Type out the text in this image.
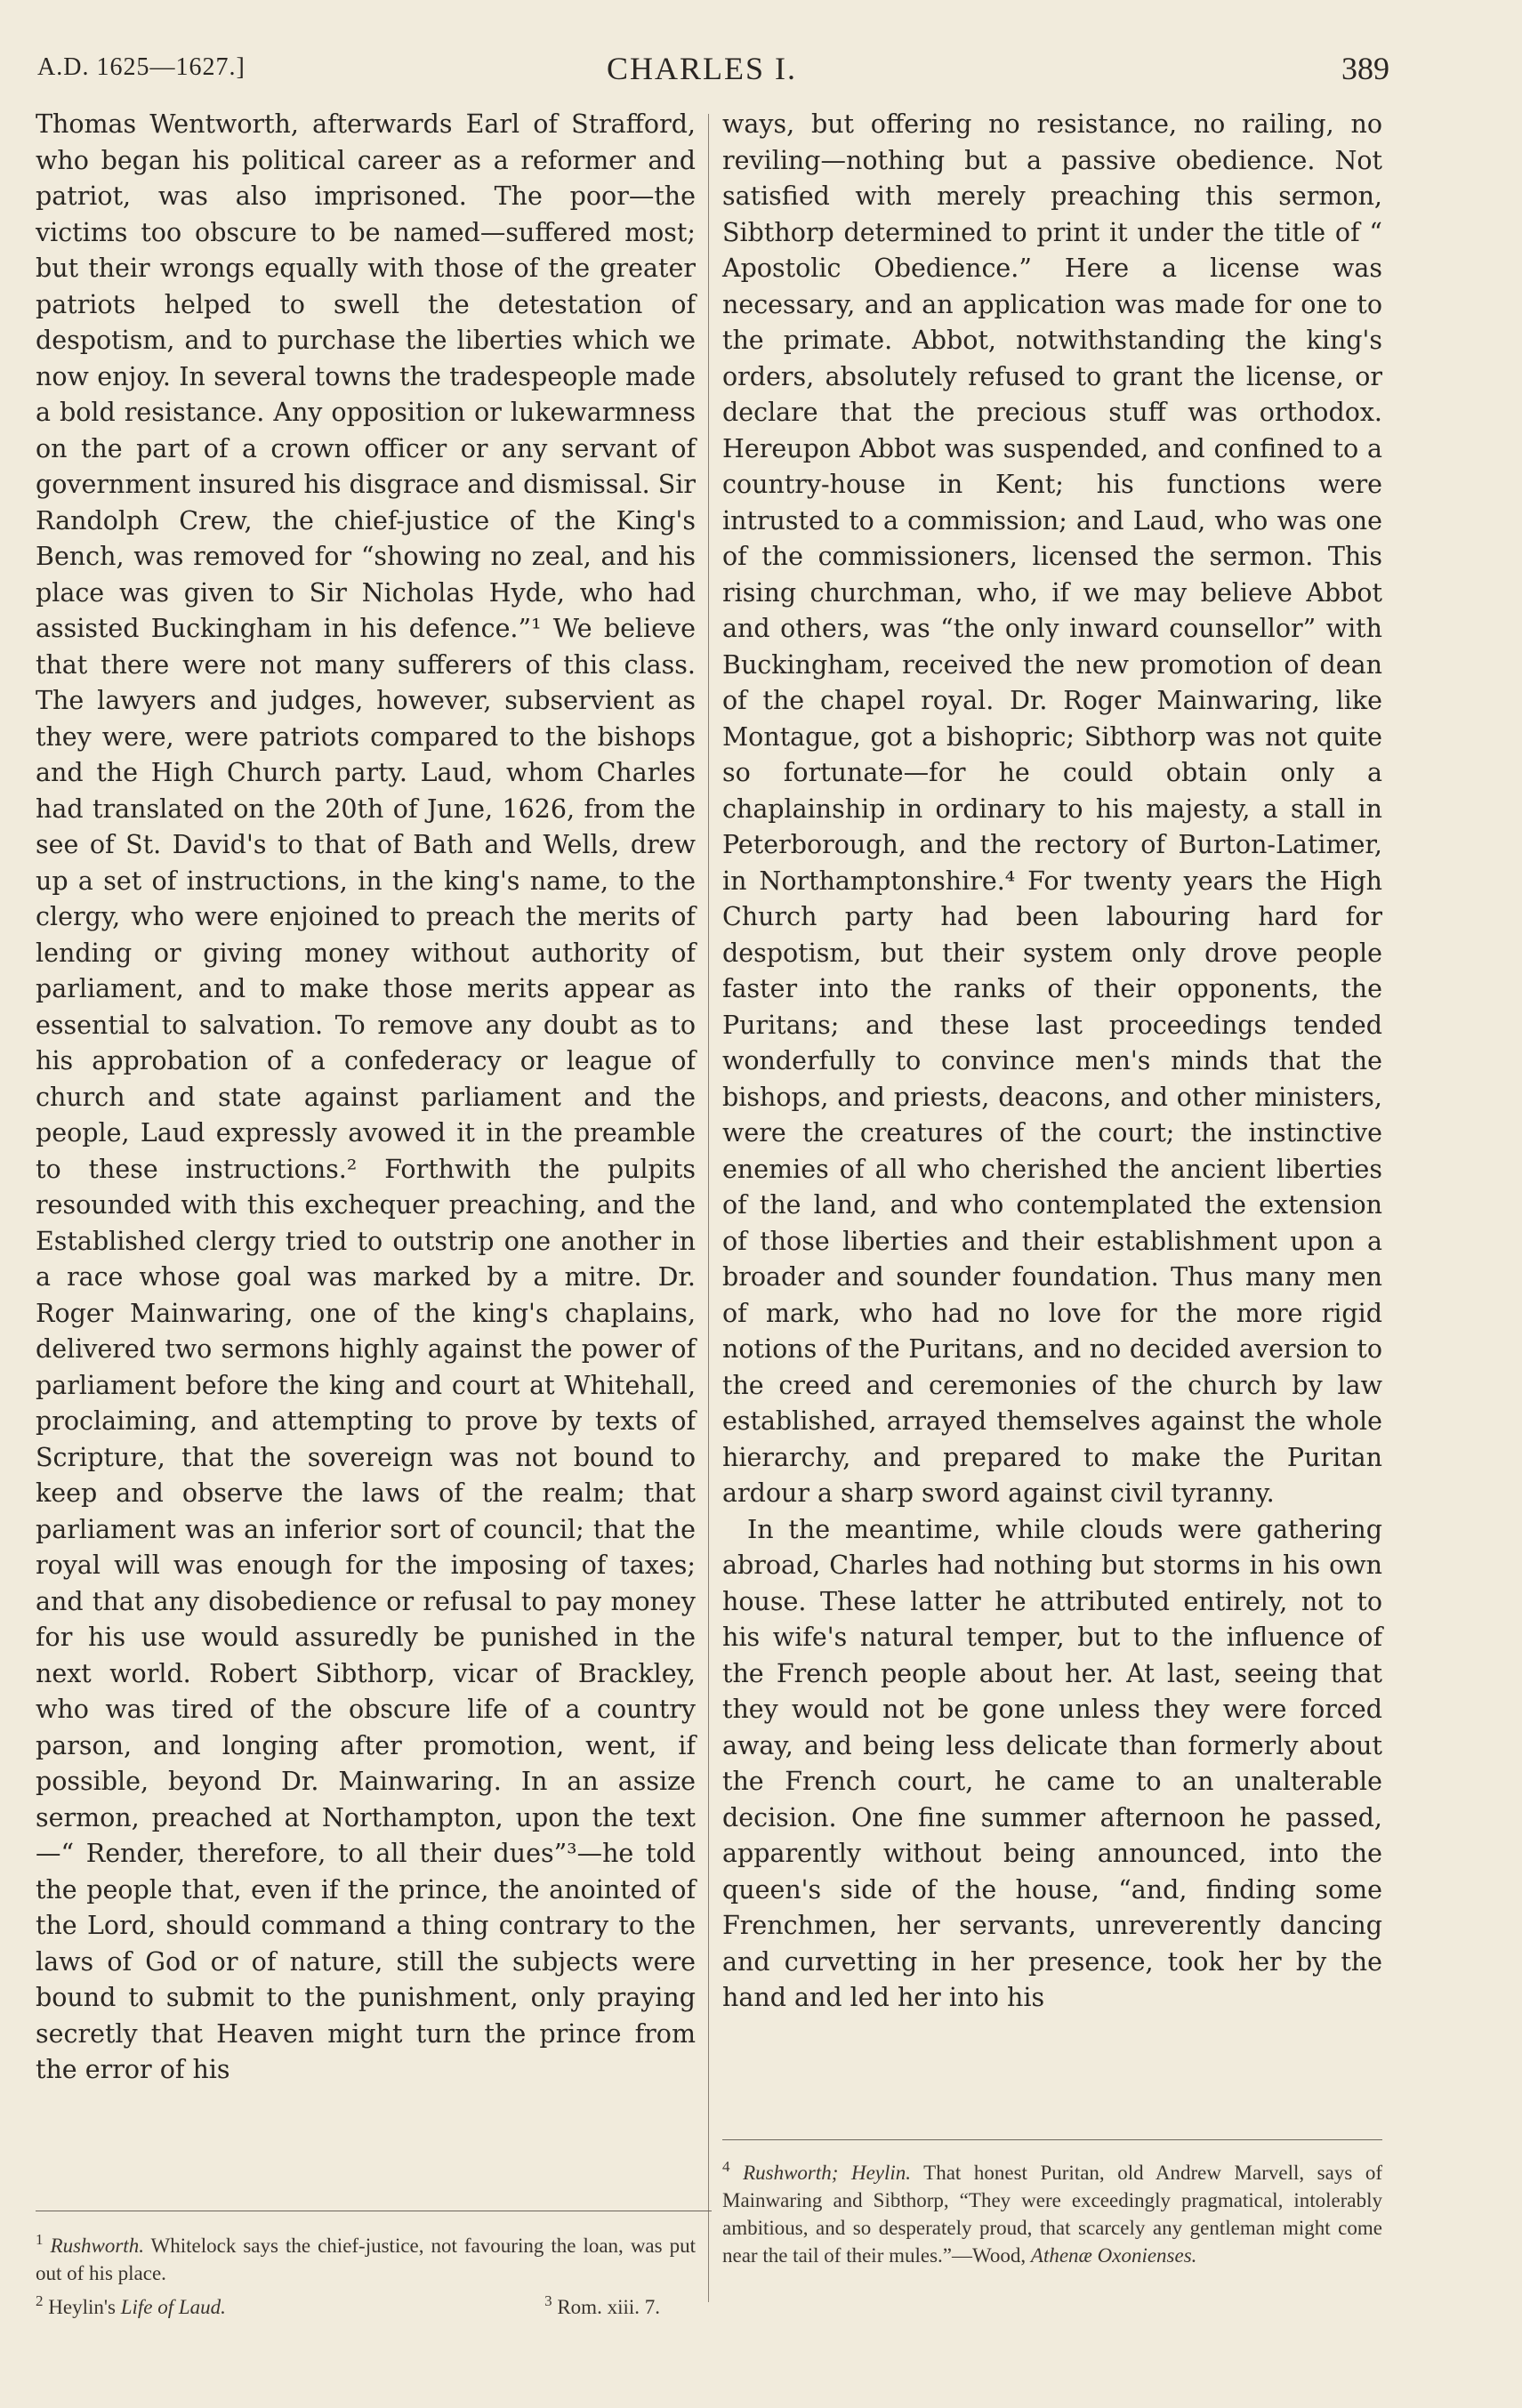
A.D. 1625—1627.]	CHARLES I.	389

Thomas Wentworth, afterwards Earl of Strafford, who began his political career as a reformer and patriot, was also imprisoned. The poor—the victims too obscure to be named—suffered most; but their wrongs equally with those of the greater patriots helped to swell the detestation of despotism, and to purchase the liberties which we now enjoy. In several towns the tradespeople made a bold resistance. Any opposition or lukewarmness on the part of a crown officer or any servant of government insured his disgrace and dismissal. Sir Randolph Crew, the chief-justice of the King's Bench, was removed for “showing no zeal, and his place was given to Sir Nicholas Hyde, who had assisted Buckingham in his defence.”¹ We believe that there were not many sufferers of this class. The lawyers and judges, however, subservient as they were, were patriots compared to the bishops and the High Church party. Laud, whom Charles had translated on the 20th of June, 1626, from the see of St. David's to that of Bath and Wells, drew up a set of instructions, in the king's name, to the clergy, who were enjoined to preach the merits of lending or giving money without authority of parliament, and to make those merits appear as essential to salvation. To remove any doubt as to his approbation of a confederacy or league of church and state against parliament and the people, Laud expressly avowed it in the preamble to these instructions.² Forthwith the pulpits resounded with this exchequer preaching, and the Established clergy tried to outstrip one another in a race whose goal was marked by a mitre. Dr. Roger Mainwaring, one of the king's chaplains, delivered two sermons highly against the power of parliament before the king and court at Whitehall, proclaiming, and attempting to prove by texts of Scripture, that the sovereign was not bound to keep and observe the laws of the realm; that parliament was an inferior sort of council; that the royal will was enough for the imposing of taxes; and that any disobedience or refusal to pay money for his use would assuredly be punished in the next world. Robert Sibthorp, vicar of Brackley, who was tired of the obscure life of a country parson, and longing after promotion, went, if possible, beyond Dr. Mainwaring. In an assize sermon, preached at Northampton, upon the text—“ Render, therefore, to all their dues”³—he told the people that, even if the prince, the anointed of the Lord, should command a thing contrary to the laws of God or of nature, still the subjects were bound to submit to the punishment, only praying secretly that Heaven might turn the prince from the error of his

ways, but offering no resistance, no railing, no reviling—nothing but a passive obedience. Not satisfied with merely preaching this sermon, Sibthorp determined to print it under the title of “ Apostolic Obedience.” Here a license was necessary, and an application was made for one to the primate. Abbot, notwithstanding the king's orders, absolutely refused to grant the license, or declare that the precious stuff was orthodox. Hereupon Abbot was suspended, and confined to a country-house in Kent; his functions were intrusted to a commission; and Laud, who was one of the commissioners, licensed the sermon. This rising churchman, who, if we may believe Abbot and others, was “the only inward counsellor” with Buckingham, received the new promotion of dean of the chapel royal. Dr. Roger Mainwaring, like Montague, got a bishopric; Sibthorp was not quite so fortunate—for he could obtain only a chaplainship in ordinary to his majesty, a stall in Peterborough, and the rectory of Burton-Latimer, in Northamptonshire.⁴ For twenty years the High Church party had been labouring hard for despotism, but their system only drove people faster into the ranks of their opponents, the Puritans; and these last proceedings tended wonderfully to convince men's minds that the bishops, and priests, deacons, and other ministers, were the creatures of the court; the instinctive enemies of all who cherished the ancient liberties of the land, and who contemplated the extension of those liberties and their establishment upon a broader and sounder foundation. Thus many men of mark, who had no love for the more rigid notions of the Puritans, and no decided aversion to the creed and ceremonies of the church by law established, arrayed themselves against the whole hierarchy, and prepared to make the Puritan ardour a sharp sword against civil tyranny.

In the meantime, while clouds were gathering abroad, Charles had nothing but storms in his own house. These latter he attributed entirely, not to his wife's natural temper, but to the influence of the French people about her. At last, seeing that they would not be gone unless they were forced away, and being less delicate than formerly about the French court, he came to an unalterable decision. One fine summer afternoon he passed, apparently without being announced, into the queen's side of the house, “and, finding some Frenchmen, her servants, unreverently dancing and curvetting in her presence, took her by the hand and led her into his

$^1$ Rushworth. Whitelock says the chief-justice, not favouring the loan, was put out of his place.

$^2$ Heylin's Life of Laud.	$^3$ Rom. xiii. 7.

$^4$ Rushworth; Heylin. That honest Puritan, old Andrew Marvell, says of Mainwaring and Sibthorp, “They were exceedingly pragmatical, intolerably ambitious, and so desperately proud, that scarcely any gentleman might come near the tail of their mules.”—Wood, Athenæ Oxonienses.
